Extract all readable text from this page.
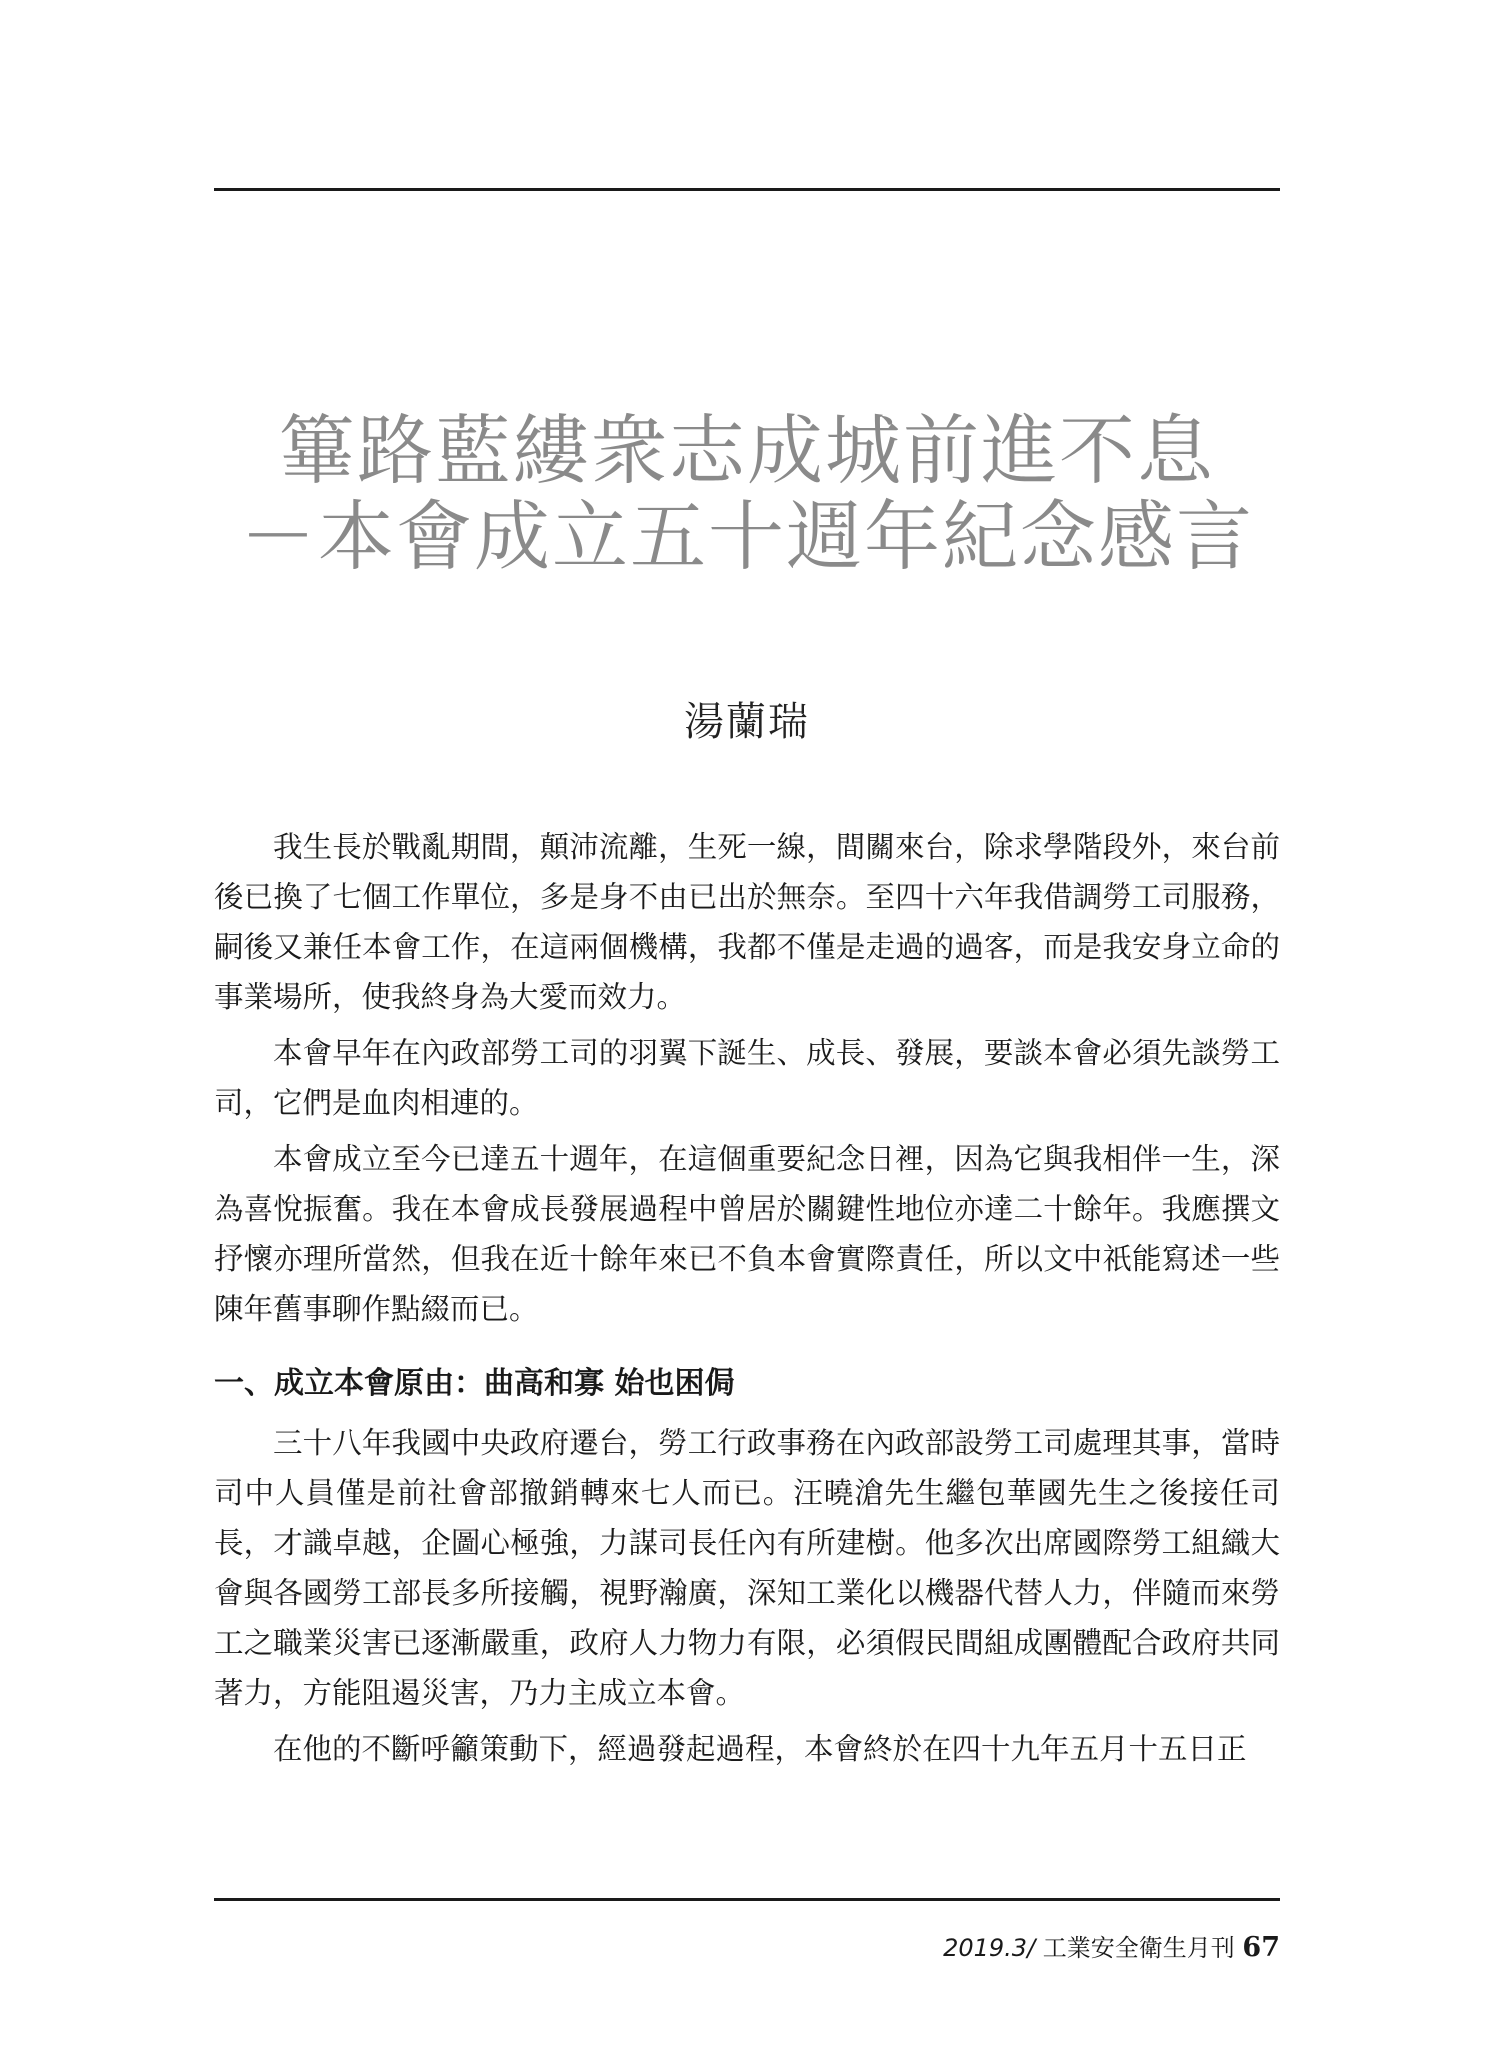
篳路藍縷衆志成城前進不息
－本會成立五十週年紀念感言
湯蘭瑞

我生長於戰亂期間，顛沛流離，生死一線，間關來台，除求學階段外，來台前後已換了七個工作單位，多是身不由已出於無奈。至四十六年我借調勞工司服務，嗣後又兼任本會工作，在這兩個機構，我都不僅是走過的過客，而是我安身立命的事業場所，使我終身為大愛而效力。

本會早年在內政部勞工司的羽翼下誕生、成長、發展，要談本會必須先談勞工司，它們是血肉相連的。

本會成立至今已達五十週年，在這個重要紀念日裡，因為它與我相伴一生，深為喜悅振奮。我在本會成長發展過程中曾居於關鍵性地位亦達二十餘年。我應撰文抒懷亦理所當然，但我在近十餘年來已不負本會實際責任，所以文中祇能寫述一些陳年舊事聊作點綴而已。

一、成立本會原由：曲高和寡 始也困侷

三十八年我國中央政府遷台，勞工行政事務在內政部設勞工司處理其事，當時司中人員僅是前社會部撤銷轉來七人而已。汪曉滄先生繼包華國先生之後接任司長，才識卓越，企圖心極強，力謀司長任內有所建樹。他多次出席國際勞工組織大會與各國勞工部長多所接觸，視野瀚廣，深知工業化以機器代替人力，伴隨而來勞工之職業災害已逐漸嚴重，政府人力物力有限，必須假民間組成團體配合政府共同著力，方能阻遏災害，乃力主成立本會。

在他的不斷呼籲策動下，經過發起過程，本會終於在四十九年五月十五日正

2019.3/ 工業安全衛生月刊 67
